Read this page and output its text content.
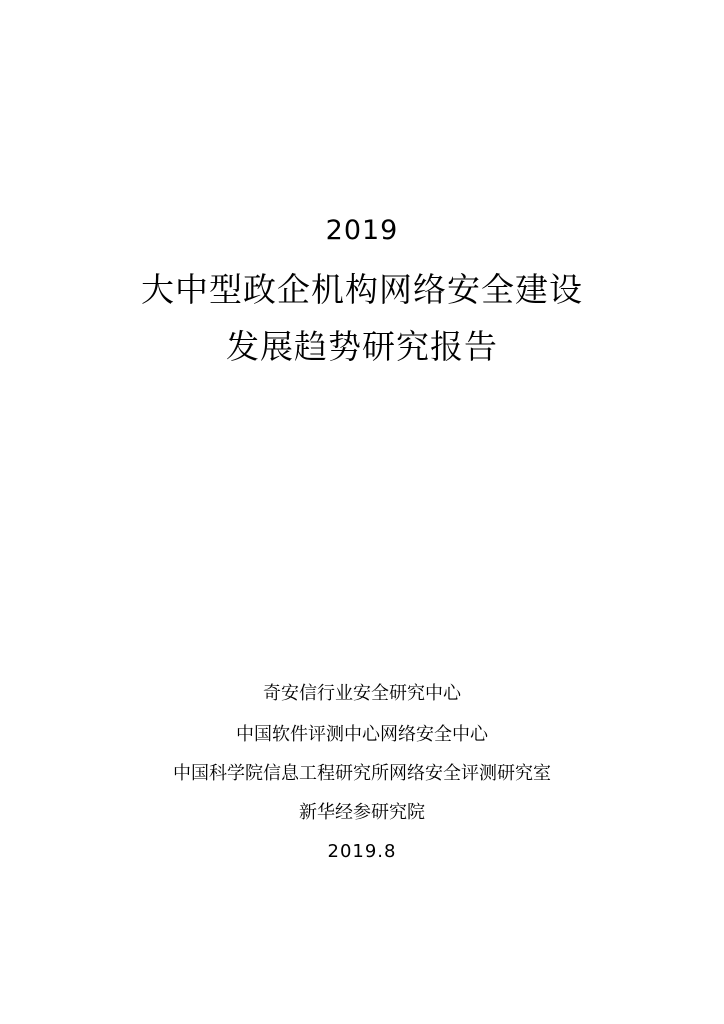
2019
大中型政企机构网络安全建设
发展趋势研究报告
奇安信行业安全研究中心
中国软件评测中心网络安全中心
中国科学院信息工程研究所网络安全评测研究室
新华经参研究院
2019.8
